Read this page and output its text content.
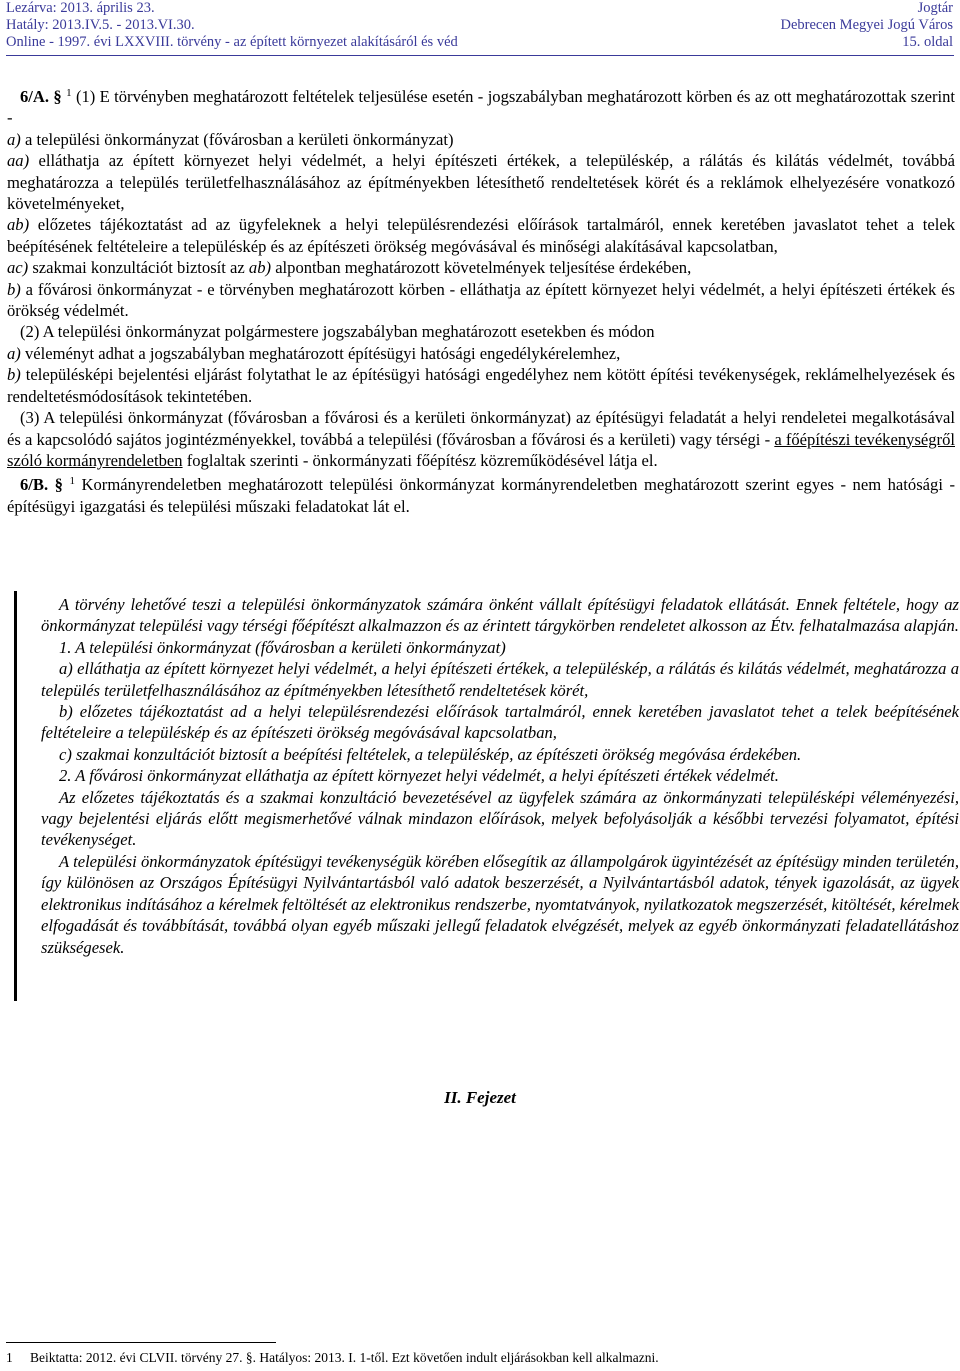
Lezárva: 2013. április 23.
Hatály: 2013.IV.5. - 2013.VI.30.
Online - 1997. évi LXXVIII. törvény - az épített környezet alakításáról és véd
Jogtár
Debrecen Megyei Jogú Város
15. oldal

6/A. § $^1$ (1) E törvényben meghatározott feltételek teljesülése esetén - jogszabályban meghatározott körben és az ott meghatározottak szerint -

a) a települési önkormányzat (fővárosban a kerületi önkormányzat)

aa) elláthatja az épített környezet helyi védelmét, a helyi építészeti értékek, a településkép, a rálátás és kilátás védelmét, továbbá meghatározza a település területfelhasználásához az építményekben létesíthető rendeltetések körét és a reklámok elhelyezésére vonatkozó követelményeket,

ab) előzetes tájékoztatást ad az ügyfeleknek a helyi településrendezési előírások tartalmáról, ennek keretében javaslatot tehet a telek beépítésének feltételeire a településkép és az építészeti örökség megóvásával és minőségi alakításával kapcsolatban,

ac) szakmai konzultációt biztosít az ab) alpontban meghatározott követelmények teljesítése érdekében,

b) a fővárosi önkormányzat - e törvényben meghatározott körben - elláthatja az épített környezet helyi védelmét, a helyi építészeti értékek és örökség védelmét.

(2) A települési önkormányzat polgármestere jogszabályban meghatározott esetekben és módon

a) véleményt adhat a jogszabályban meghatározott építésügyi hatósági engedélykérelemhez,

b) településképi bejelentési eljárást folytathat le az építésügyi hatósági engedélyhez nem kötött építési tevékenységek, reklámelhelyezések és rendeltetésmódosítások tekintetében.

(3) A települési önkormányzat (fővárosban a fővárosi és a kerületi önkormányzat) az építésügyi feladatát a helyi rendeletei megalkotásával és a kapcsolódó sajátos jogintézményekkel, továbbá a települési (fővárosban a fővárosi és a kerületi) vagy térségi - a főépítészi tevékenységről szóló kormányrendeletben foglaltak szerinti - önkormányzati főépítész közreműködésével látja el.

6/B. § $^1$ Kormányrendeletben meghatározott települési önkormányzat kormányrendeletben meghatározott szerint egyes - nem hatósági - építésügyi igazgatási és települési műszaki feladatokat lát el.

A törvény lehetővé teszi a települési önkormányzatok számára önként vállalt építésügyi feladatok ellátását. Ennek feltétele, hogy az önkormányzat települési vagy térségi főépítészt alkalmazzon és az érintett tárgykörben rendeletet alkosson az Étv. felhatalmazása alapján.

1. A települési önkormányzat (fővárosban a kerületi önkormányzat)

a) elláthatja az épített környezet helyi védelmét, a helyi építészeti értékek, a településkép, a rálátás és kilátás védelmét, meghatározza a település területfelhasználásához az építményekben létesíthető rendeltetések körét,

b) előzetes tájékoztatást ad a helyi településrendezési előírások tartalmáról, ennek keretében javaslatot tehet a telek beépítésének feltételeire a településkép és az építészeti örökség megóvásával kapcsolatban,

c) szakmai konzultációt biztosít a beépítési feltételek, a településkép, az építészeti örökség megóvása érdekében.

2. A fővárosi önkormányzat elláthatja az épített környezet helyi védelmét, a helyi építészeti értékek védelmét.

Az előzetes tájékoztatás és a szakmai konzultáció bevezetésével az ügyfelek számára az önkormányzati településképi véleményezési, vagy bejelentési eljárás előtt megismerhetővé válnak mindazon előírások, melyek befolyásolják a későbbi tervezési folyamatot, építési tevékenységet.

A települési önkormányzatok építésügyi tevékenységük körében elősegítik az állampolgárok ügyintézését az építésügy minden területén, így különösen az Országos Építésügyi Nyilvántartásból való adatok beszerzését, a Nyilvántartásból adatok, tények igazolását, az ügyek elektronikus indításához a kérelmek feltöltését az elektronikus rendszerbe, nyomtatványok, nyilatkozatok megszerzését, kitöltését, kérelmek elfogadását és továbbítását, továbbá olyan egyéb műszaki jellegű feladatok elvégzését, melyek az egyéb önkormányzati feladatellátáshoz szükségesek.

II. Fejezet
1 Beiktatta: 2012. évi CLVII. törvény 27. §. Hatályos: 2013. I. 1-től. Ezt követően indult eljárásokban kell alkalmazni.
